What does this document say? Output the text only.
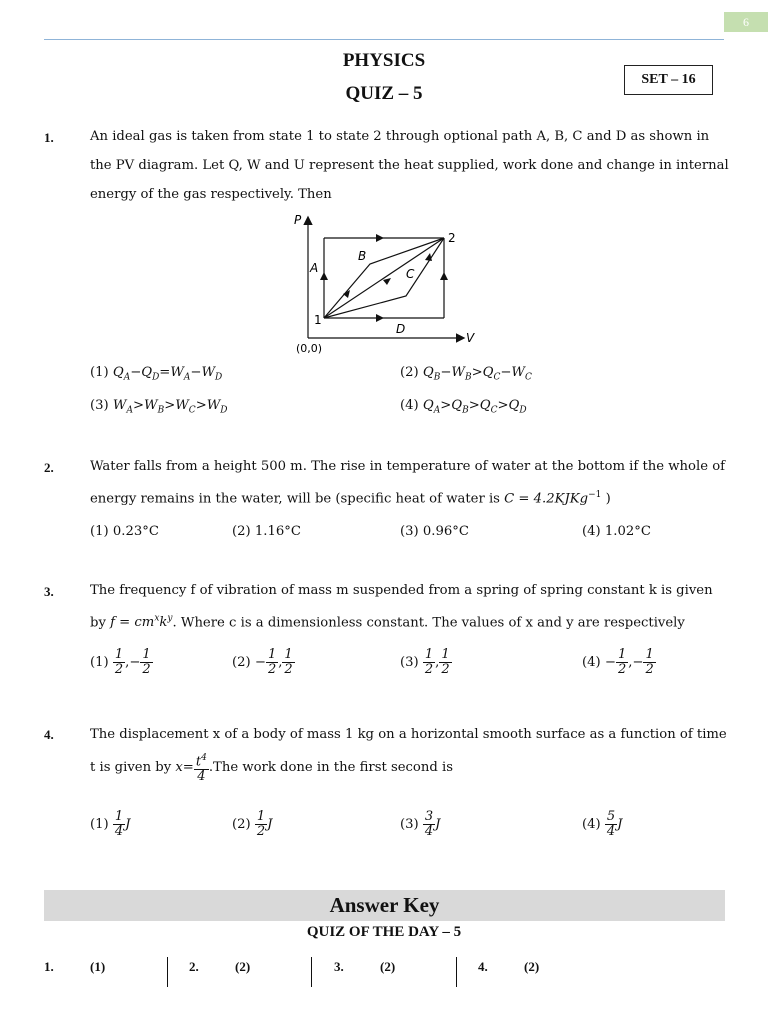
6
PHYSICS
QUIZ – 5
SET – 16
1.	An ideal gas is taken from state 1 to state 2 through optional path A, B, C and D as shown in the PV diagram. Let Q, W and U represent the heat supplied, work done and change in internal energy of the gas respectively. Then
P
V
(0,0)
1
2
A
B
C
D
(1) $Q_A-Q_D=W_A-W_D$	(2) $Q_B-W_B>Q_C-W_C$
(3) $W_A>W_B>W_C>W_D$	(4) $Q_A>Q_B>Q_C>Q_D$
2.	Water falls from a height 500 m. The rise in temperature of water at the bottom if the whole of energy remains in the water, will be (specific heat of water is C = 4.2KJKg$^{-1}$ )
(1) 0.23°C	(2) 1.16°C	(3) 0.96°C	(4) 1.02°C
3.	The frequency f of vibration of mass m suspended from a spring of spring constant k is given by $f = cm^xk^y$. Where c is a dimensionless constant. The values of x and y are respectively
$(1) \frac{1}{2}$ ,− $\frac{1}{2}$	$(2) - \frac{1}{2}$ , $\frac{1}{2}$	$(3) \frac{1}{2}$ , $\frac{1}{2}$	$(4) - \frac{1}{2}$ ,− $\frac{1}{2}$
4.	The displacement x of a body of mass 1 kg on a horizontal smooth surface as a function of time t is given by $x= \frac{t^4}{4} .The$ work done in the first second is
$(1) \frac{1}{4}$ J	$(2) \frac{1}{2}$ J	$(3) \frac{3}{4}$ J	$(4) \frac{5}{4}$ J
Answer Key
QUIZ OF THE DAY – 5
1.	(1)	2.	(2)	3.	(2)	4.	(2)
